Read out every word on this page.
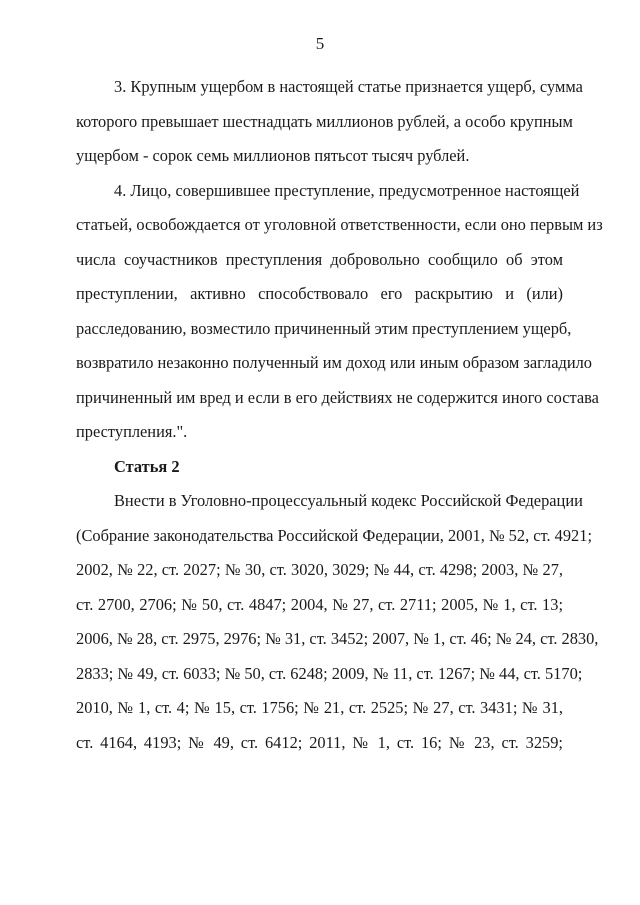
5

3. Крупным ущербом в настоящей статье признается ущерб, сумма
которого превышает шестнадцать миллионов рублей, а особо крупным
ущербом - сорок семь миллионов пятьсот тысяч рублей.

4. Лицо, совершившее преступление, предусмотренное настоящей
статьей, освобождается от уголовной ответственности, если оно первым из
числа соучастников преступления добровольно сообщило об этом
преступлении, активно способствовало его раскрытию и (или)
расследованию, возместило причиненный этим преступлением ущерб,
возвратило незаконно полученный им доход или иным образом загладило
причиненный им вред и если в его действиях не содержится иного состава
преступления.".

Статья 2

Внести в Уголовно-процессуальный кодекс Российской Федерации
(Собрание законодательства Российской Федерации, 2001, № 52, ст. 4921;
2002, № 22, ст. 2027; № 30, ст. 3020, 3029; № 44, ст. 4298; 2003, № 27,
ст. 2700, 2706; № 50, ст. 4847; 2004, № 27, ст. 2711; 2005, № 1, ст. 13;
2006, № 28, ст. 2975, 2976; № 31, ст. 3452; 2007, № 1, ст. 46; № 24, ст. 2830,
2833; № 49, ст. 6033; № 50, ст. 6248; 2009, № 11, ст. 1267; № 44, ст. 5170;
2010, № 1, ст. 4; № 15, ст. 1756; № 21, ст. 2525; № 27, ст. 3431; № 31,
ст. 4164, 4193; № 49, ст. 6412; 2011, № 1, ст. 16; № 23, ст. 3259;
